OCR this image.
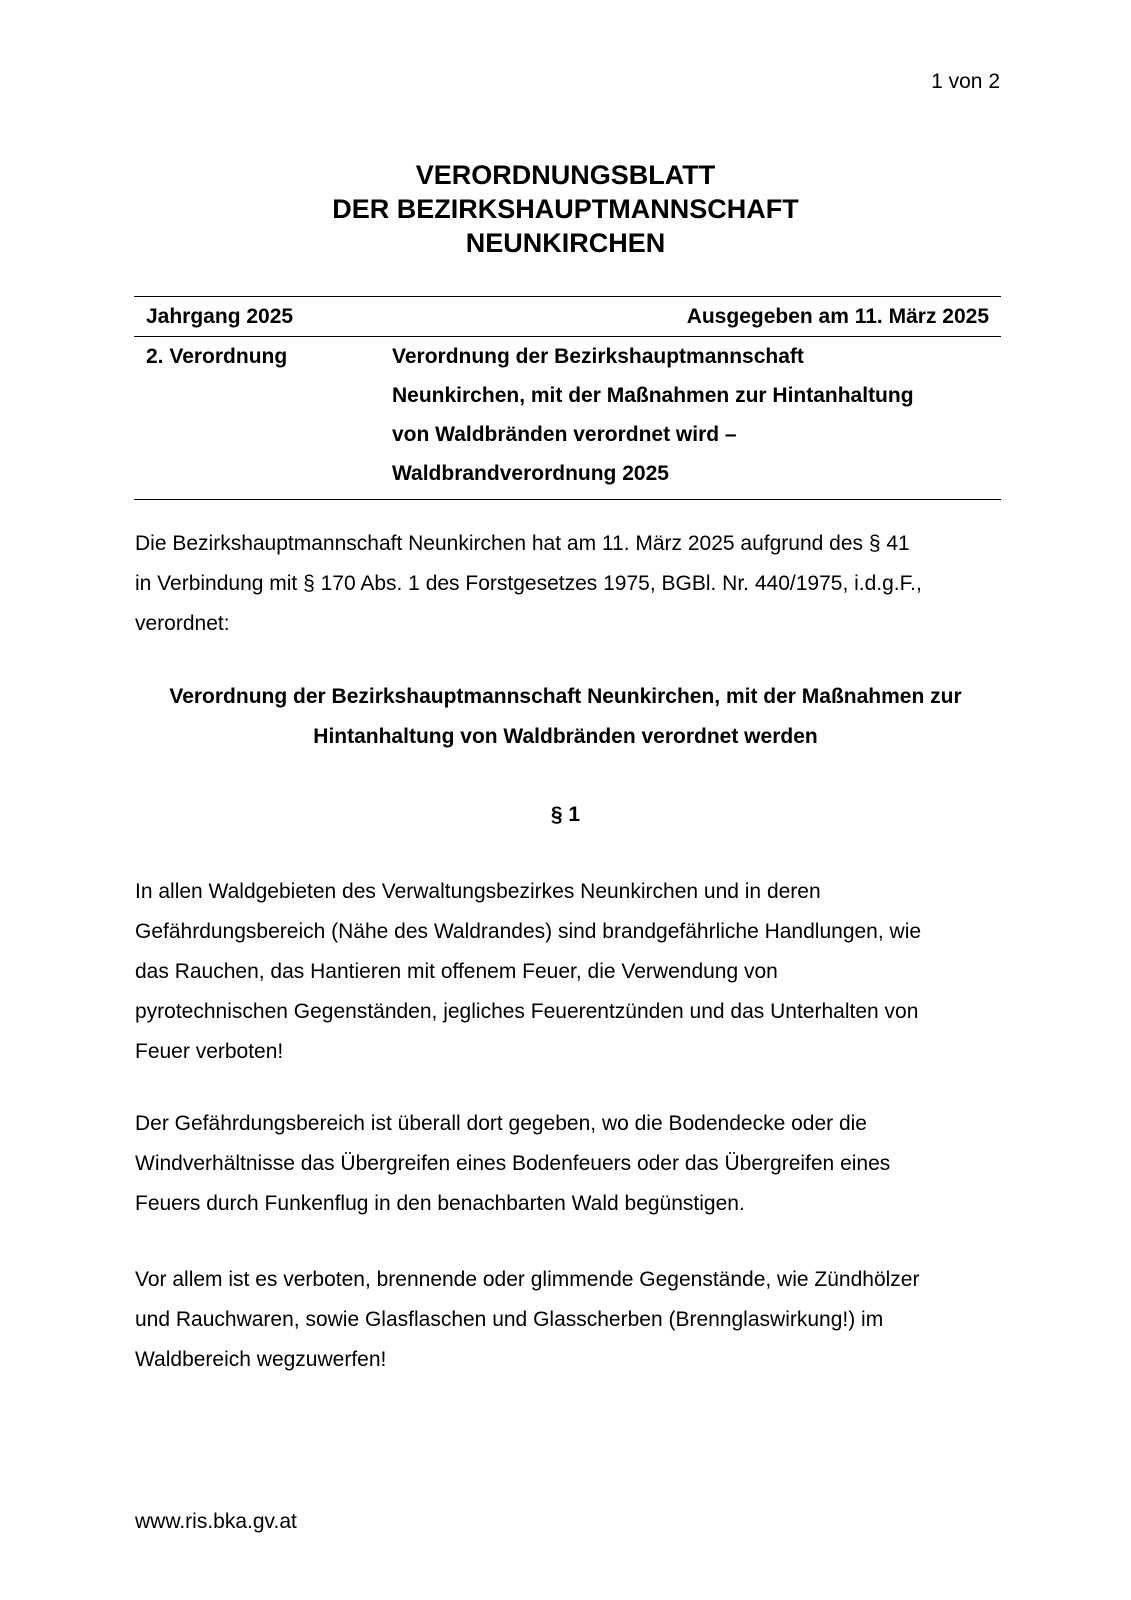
1 von 2
VERORDNUNGSBLATT
DER BEZIRKSHAUPTMANNSCHAFT
NEUNKIRCHEN
Jahrgang 2025	Ausgegeben am 11. März 2025
2. Verordnung	Verordnung der Bezirkshauptmannschaft
Neunkirchen, mit der Maßnahmen zur Hintanhaltung
von Waldbränden verordnet wird –
Waldbrandverordnung 2025
Die Bezirkshauptmannschaft Neunkirchen hat am 11. März 2025 aufgrund des § 41
in Verbindung mit § 170 Abs. 1 des Forstgesetzes 1975, BGBl. Nr. 440/1975, i.d.g.F.,
verordnet:
Verordnung der Bezirkshauptmannschaft Neunkirchen, mit der Maßnahmen zur
Hintanhaltung von Waldbränden verordnet werden
§ 1
In allen Waldgebieten des Verwaltungsbezirkes Neunkirchen und in deren
Gefährdungsbereich (Nähe des Waldrandes) sind brandgefährliche Handlungen, wie
das Rauchen, das Hantieren mit offenem Feuer, die Verwendung von
pyrotechnischen Gegenständen, jegliches Feuerentzünden und das Unterhalten von
Feuer verboten!
Der Gefährdungsbereich ist überall dort gegeben, wo die Bodendecke oder die
Windverhältnisse das Übergreifen eines Bodenfeuers oder das Übergreifen eines
Feuers durch Funkenflug in den benachbarten Wald begünstigen.
Vor allem ist es verboten, brennende oder glimmende Gegenstände, wie Zündhölzer
und Rauchwaren, sowie Glasflaschen und Glasscherben (Brennglaswirkung!) im
Waldbereich wegzuwerfen!
www.ris.bka.gv.at
